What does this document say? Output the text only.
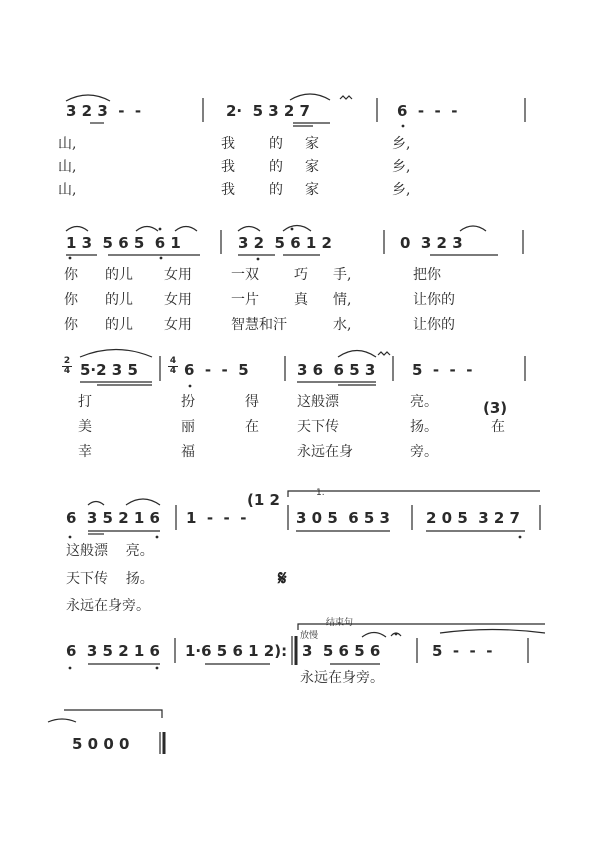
3 2 3  -  -	2·  5 3 2 7	6  -  -  -
山,	我 的 家	乡,
山,	我 的 家	乡,
山,	我 的 家	乡,
1 3  5 6 5  6 1	3 2  5 6 1 2	0  3 2 3
你 的儿 女用	一双	巧 手,	把你
你 的儿 女用	一片	真 情,	让你的
你 的儿 女用	智慧和汗	水,	让你的
$\frac{2}{4} 5\cdot 2$ 3 5	$\frac{4}{4} 6$  -  -  5	3 6  6 5 3 5  -  -  -
打	扮	得	这般漂	亮。	(3)
美	丽	在	天下传	扬。	在
幸	福	永远在身	旁。
1.
(1 2
6  3 5 2 1 6 1  -  -  -	3 0 5  6 5 3 2 0 5  3 2 7
这般漂    亮。
天下传    扬。	𝄋
永远在身旁。
结束句
放慢
6  3 5 2 1 6 1·6 5 6 1 2): 3  5 6 5 6	5  -  -  -
永远在身旁。
5 0 0 0
